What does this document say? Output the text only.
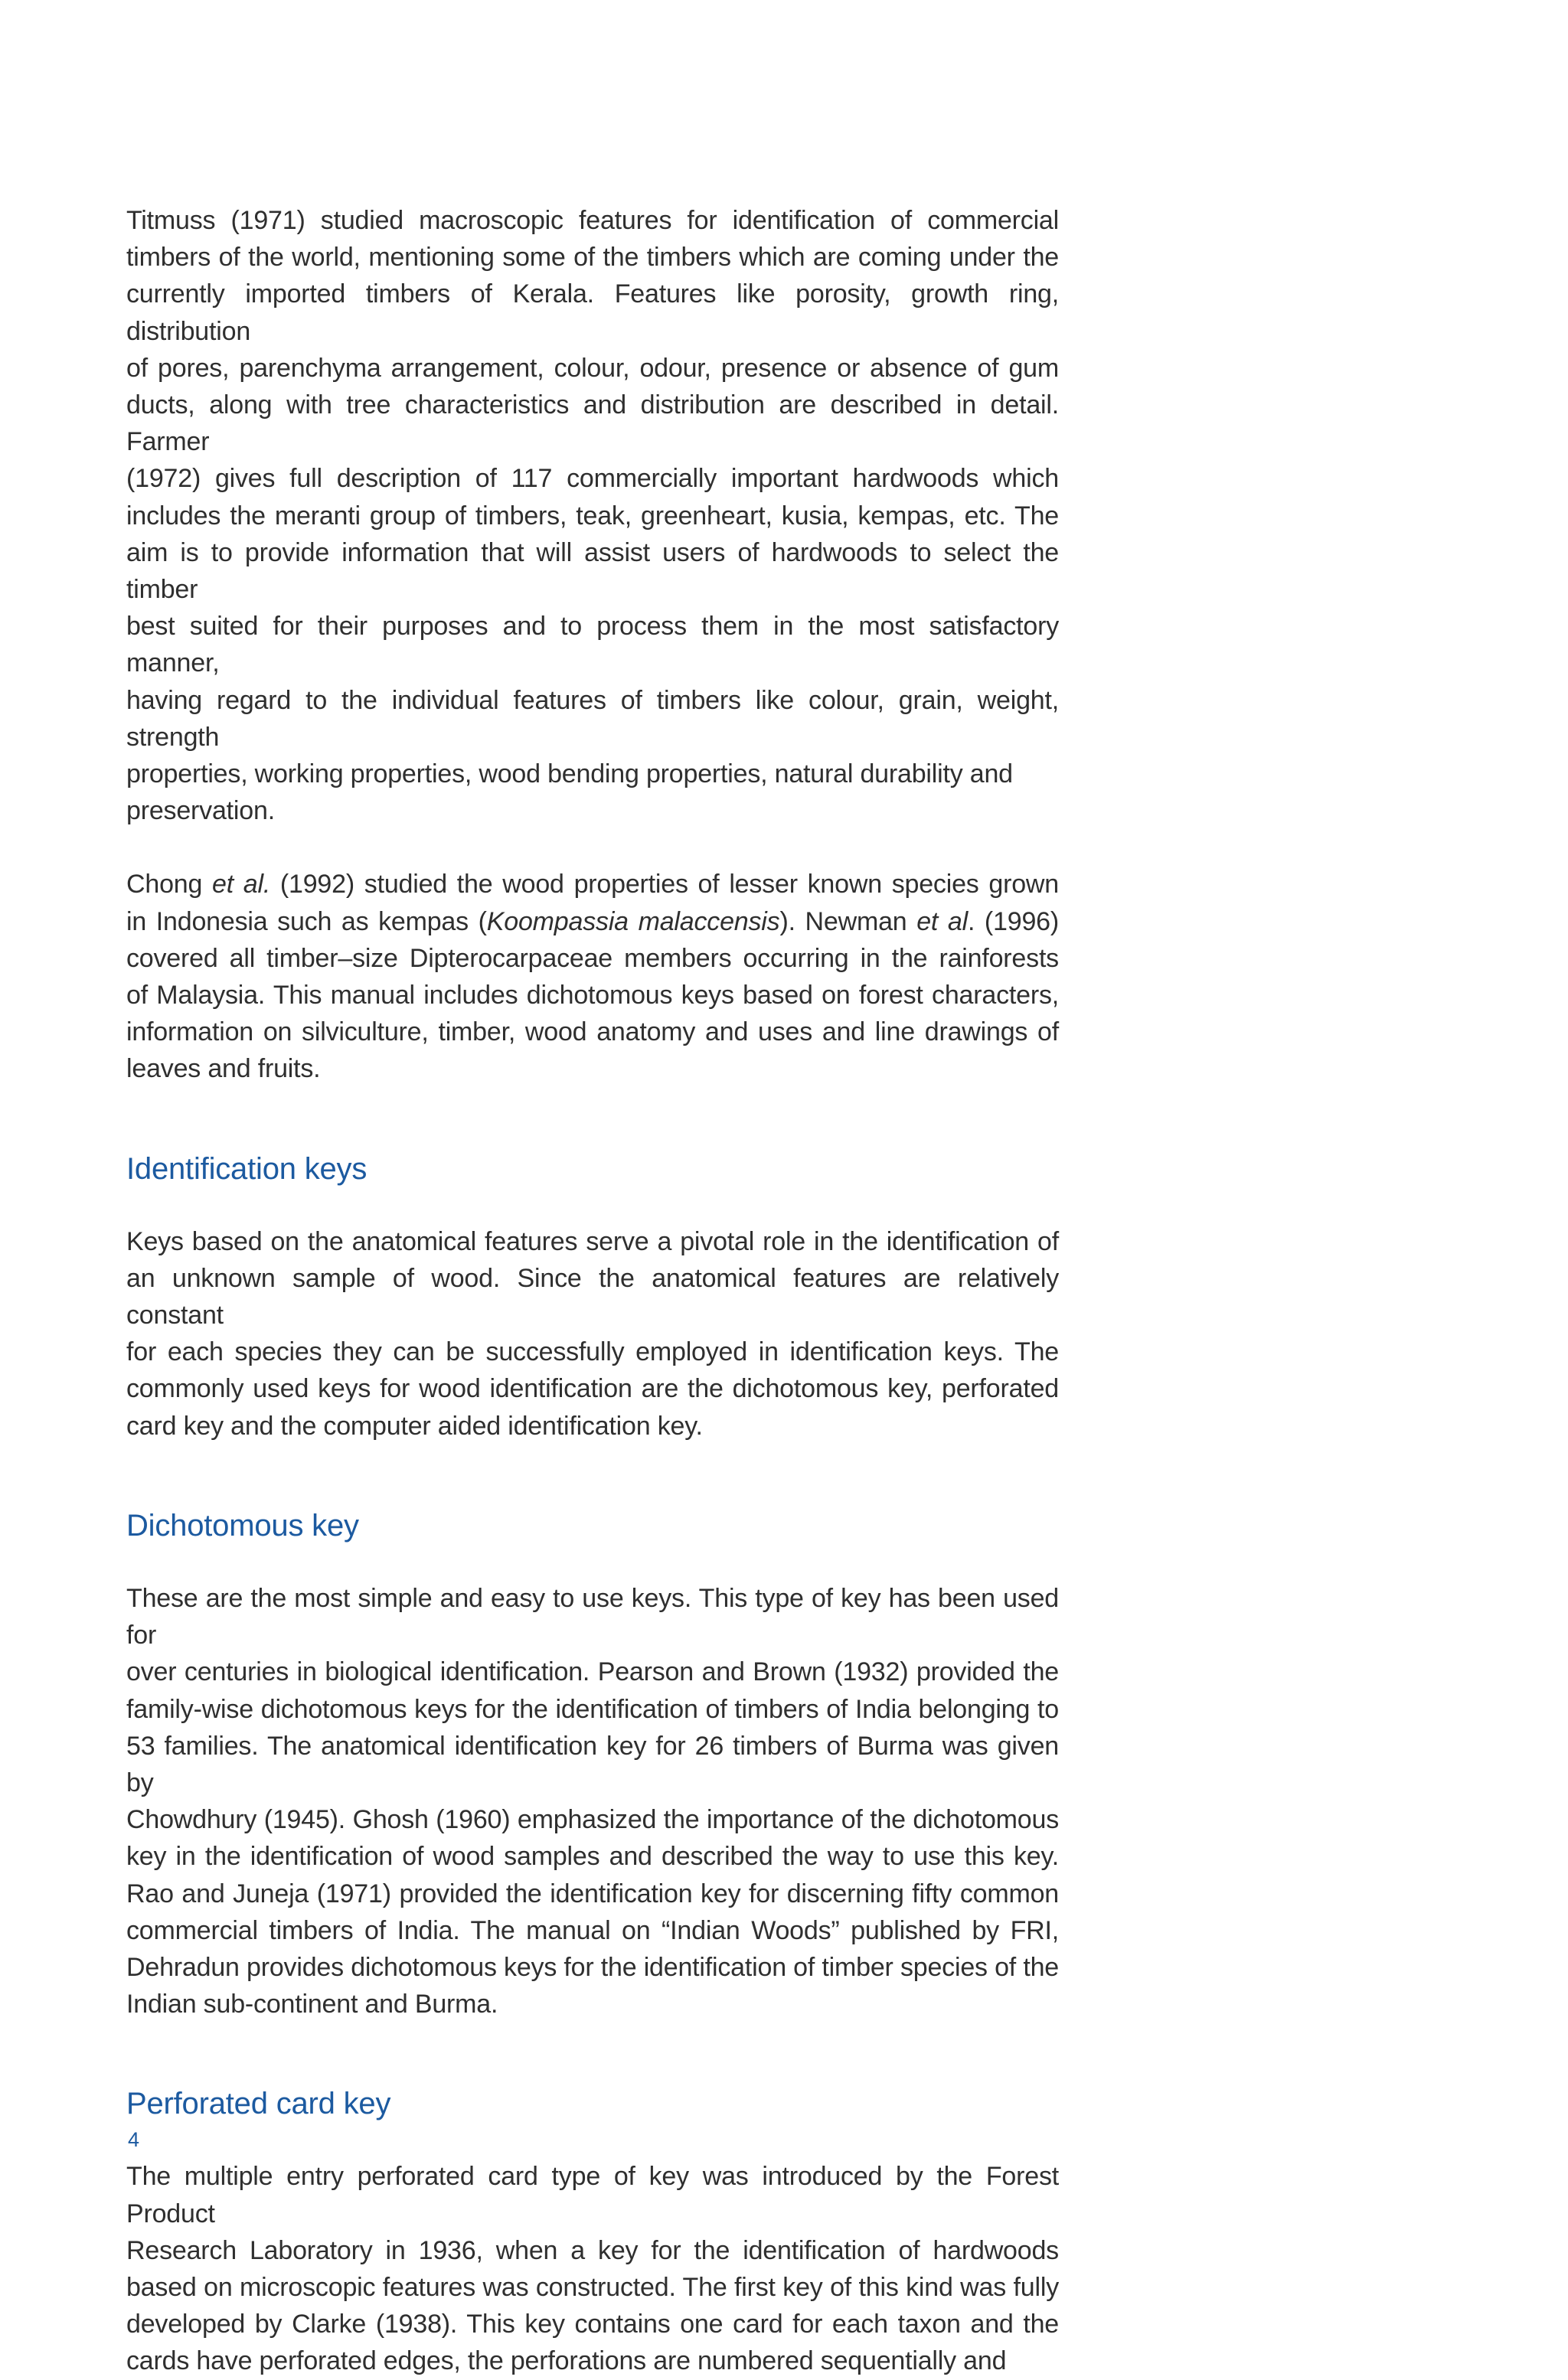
Titmuss (1971) studied macroscopic features for identification of commercial
timbers of the world, mentioning some of the timbers which are coming under the
currently imported timbers of Kerala. Features like porosity, growth ring, distribution
of pores, parenchyma arrangement, colour, odour, presence or absence of gum
ducts, along with tree characteristics and distribution are described in detail. Farmer
(1972) gives full description of 117 commercially important hardwoods which
includes the meranti group of timbers, teak, greenheart, kusia, kempas, etc. The
aim is to provide information that will assist users of hardwoods to select the timber
best suited for their purposes and to process them in the most satisfactory manner,
having regard to the individual features of timbers like colour, grain, weight, strength
properties, working properties, wood bending properties, natural durability and
preservation.

Chong et al. (1992) studied the wood properties of lesser known species grown
in Indonesia such as kempas (Koompassia malaccensis). Newman et al. (1996)
covered all timber–size Dipterocarpaceae members occurring in the rainforests
of Malaysia. This manual includes dichotomous keys based on forest characters,
information on silviculture, timber, wood anatomy and uses and line drawings of
leaves and fruits.

Identification keys

Keys based on the anatomical features serve a pivotal role in the identification of
an unknown sample of wood. Since the anatomical features are relatively constant
for each species they can be successfully employed in identification keys. The
commonly used keys for wood identification are the dichotomous key, perforated
card key and the computer aided identification key.

Dichotomous key

These are the most simple and easy to use keys. This type of key has been used for
over centuries in biological identification. Pearson and Brown (1932) provided the
family-wise dichotomous keys for the identification of timbers of India belonging to
53 families. The anatomical identification key for 26 timbers of Burma was given by
Chowdhury (1945). Ghosh (1960) emphasized the importance of the dichotomous
key in the identification of wood samples and described the way to use this key.
Rao and Juneja (1971) provided the identification key for discerning fifty common
commercial timbers of India. The manual on “Indian Woods” published by FRI,
Dehradun provides dichotomous keys for the identification of timber species of the
Indian sub-continent and Burma.

Perforated card key

The multiple entry perforated card type of key was introduced by the Forest Product
Research Laboratory in 1936, when a key for the identification of hardwoods
based on microscopic features was constructed. The first key of this kind was fully
developed by Clarke (1938). This key contains one card for each taxon and the
cards have perforated edges, the perforations are numbered sequentially and

4
